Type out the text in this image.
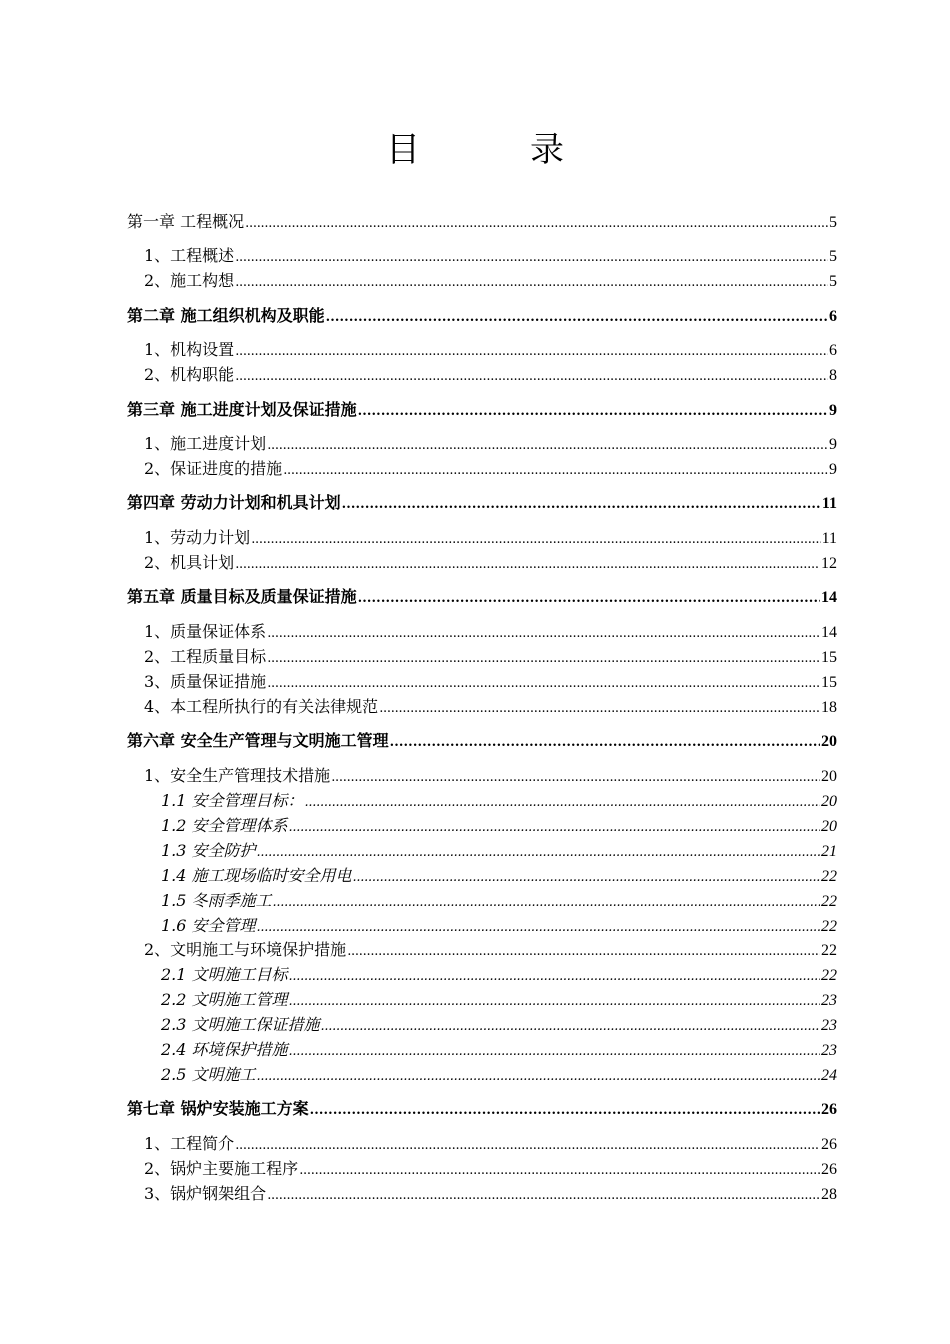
目	录
第一章 工程概况 . . .	5
1、工程概述 . . .	5
2、施工构想 . . .	5
第二章 施工组织机构及职能 . . .	6
1、机构设置 . . .	6
2、机构职能 . . .	8
第三章 施工进度计划及保证措施 . . .	9
1、施工进度计划 . . .	9
2、保证进度的措施 . . .	9
第四章 劳动力计划和机具计划 . . .	11
1、劳动力计划 . . .	11
2、机具计划 . . .	12
第五章 质量目标及质量保证措施 . . .	14
1、质量保证体系 . . .	14
2、工程质量目标 . . .	15
3、质量保证措施 . . .	15
4、本工程所执行的有关法律规范 . . .	18
第六章 安全生产管理与文明施工管理 . . .	20
1、安全生产管理技术措施 . . .	20
1.1 安全管理目标： . . .	20
1.2 安全管理体系 . . .	20
1.3 安全防护 . . .	21
1.4 施工现场临时安全用电 . . .	22
1.5 冬雨季施工 . . .	22
1.6 安全管理 . . .	22
2、文明施工与环境保护措施 . . .	22
2.1 文明施工目标 . . .	22
2.2 文明施工管理 . . .	23
2.3 文明施工保证措施 . . .	23
2.4 环境保护措施 . . .	23
2.5 文明施工 . . .	24
第七章 锅炉安装施工方案 . . .	26
1、工程简介 . . .	26
2、锅炉主要施工程序 . . .	26
3、锅炉钢架组合 . . .	28
